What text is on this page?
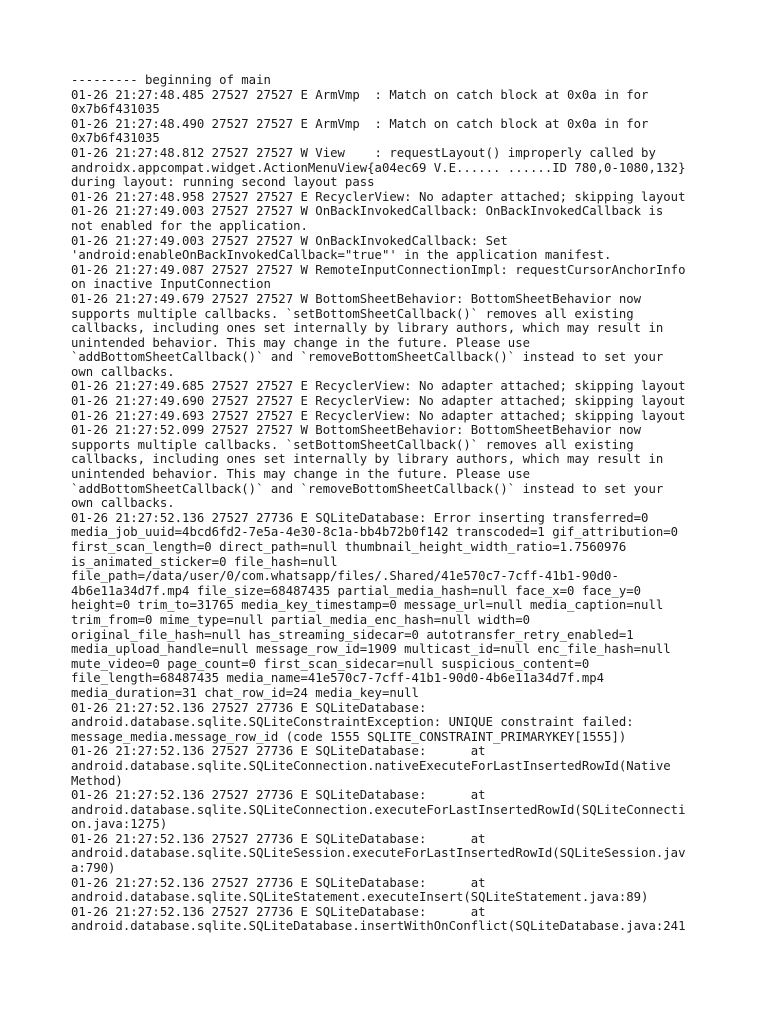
--------- beginning of main
01-26 21:27:48.485 27527 27527 E ArmVmp  : Match on catch block at 0x0a in for
0x7b6f431035
01-26 21:27:48.490 27527 27527 E ArmVmp  : Match on catch block at 0x0a in for
0x7b6f431035
01-26 21:27:48.812 27527 27527 W View    : requestLayout() improperly called by
androidx.appcompat.widget.ActionMenuView{a04ec69 V.E...... ......ID 780,0-1080,132}
during layout: running second layout pass
01-26 21:27:48.958 27527 27527 E RecyclerView: No adapter attached; skipping layout
01-26 21:27:49.003 27527 27527 W OnBackInvokedCallback: OnBackInvokedCallback is
not enabled for the application.
01-26 21:27:49.003 27527 27527 W OnBackInvokedCallback: Set
'android:enableOnBackInvokedCallback="true"' in the application manifest.
01-26 21:27:49.087 27527 27527 W RemoteInputConnectionImpl: requestCursorAnchorInfo
on inactive InputConnection
01-26 21:27:49.679 27527 27527 W BottomSheetBehavior: BottomSheetBehavior now
supports multiple callbacks. `setBottomSheetCallback()` removes all existing
callbacks, including ones set internally by library authors, which may result in
unintended behavior. This may change in the future. Please use
`addBottomSheetCallback()` and `removeBottomSheetCallback()` instead to set your
own callbacks.
01-26 21:27:49.685 27527 27527 E RecyclerView: No adapter attached; skipping layout
01-26 21:27:49.690 27527 27527 E RecyclerView: No adapter attached; skipping layout
01-26 21:27:49.693 27527 27527 E RecyclerView: No adapter attached; skipping layout
01-26 21:27:52.099 27527 27527 W BottomSheetBehavior: BottomSheetBehavior now
supports multiple callbacks. `setBottomSheetCallback()` removes all existing
callbacks, including ones set internally by library authors, which may result in
unintended behavior. This may change in the future. Please use
`addBottomSheetCallback()` and `removeBottomSheetCallback()` instead to set your
own callbacks.
01-26 21:27:52.136 27527 27736 E SQLiteDatabase: Error inserting transferred=0
media_job_uuid=4bcd6fd2-7e5a-4e30-8c1a-bb4b72b0f142 transcoded=1 gif_attribution=0
first_scan_length=0 direct_path=null thumbnail_height_width_ratio=1.7560976
is_animated_sticker=0 file_hash=null
file_path=/data/user/0/com.whatsapp/files/.Shared/41e570c7-7cff-41b1-90d0-
4b6e11a34d7f.mp4 file_size=68487435 partial_media_hash=null face_x=0 face_y=0
height=0 trim_to=31765 media_key_timestamp=0 message_url=null media_caption=null
trim_from=0 mime_type=null partial_media_enc_hash=null width=0
original_file_hash=null has_streaming_sidecar=0 autotransfer_retry_enabled=1
media_upload_handle=null message_row_id=1909 multicast_id=null enc_file_hash=null
mute_video=0 page_count=0 first_scan_sidecar=null suspicious_content=0
file_length=68487435 media_name=41e570c7-7cff-41b1-90d0-4b6e11a34d7f.mp4
media_duration=31 chat_row_id=24 media_key=null
01-26 21:27:52.136 27527 27736 E SQLiteDatabase:
android.database.sqlite.SQLiteConstraintException: UNIQUE constraint failed:
message_media.message_row_id (code 1555 SQLITE_CONSTRAINT_PRIMARYKEY[1555])
01-26 21:27:52.136 27527 27736 E SQLiteDatabase:      at
android.database.sqlite.SQLiteConnection.nativeExecuteForLastInsertedRowId(Native
Method)
01-26 21:27:52.136 27527 27736 E SQLiteDatabase:      at
android.database.sqlite.SQLiteConnection.executeForLastInsertedRowId(SQLiteConnecti
on.java:1275)
01-26 21:27:52.136 27527 27736 E SQLiteDatabase:      at
android.database.sqlite.SQLiteSession.executeForLastInsertedRowId(SQLiteSession.jav
a:790)
01-26 21:27:52.136 27527 27736 E SQLiteDatabase:      at
android.database.sqlite.SQLiteStatement.executeInsert(SQLiteStatement.java:89)
01-26 21:27:52.136 27527 27736 E SQLiteDatabase:      at
android.database.sqlite.SQLiteDatabase.insertWithOnConflict(SQLiteDatabase.java:241
